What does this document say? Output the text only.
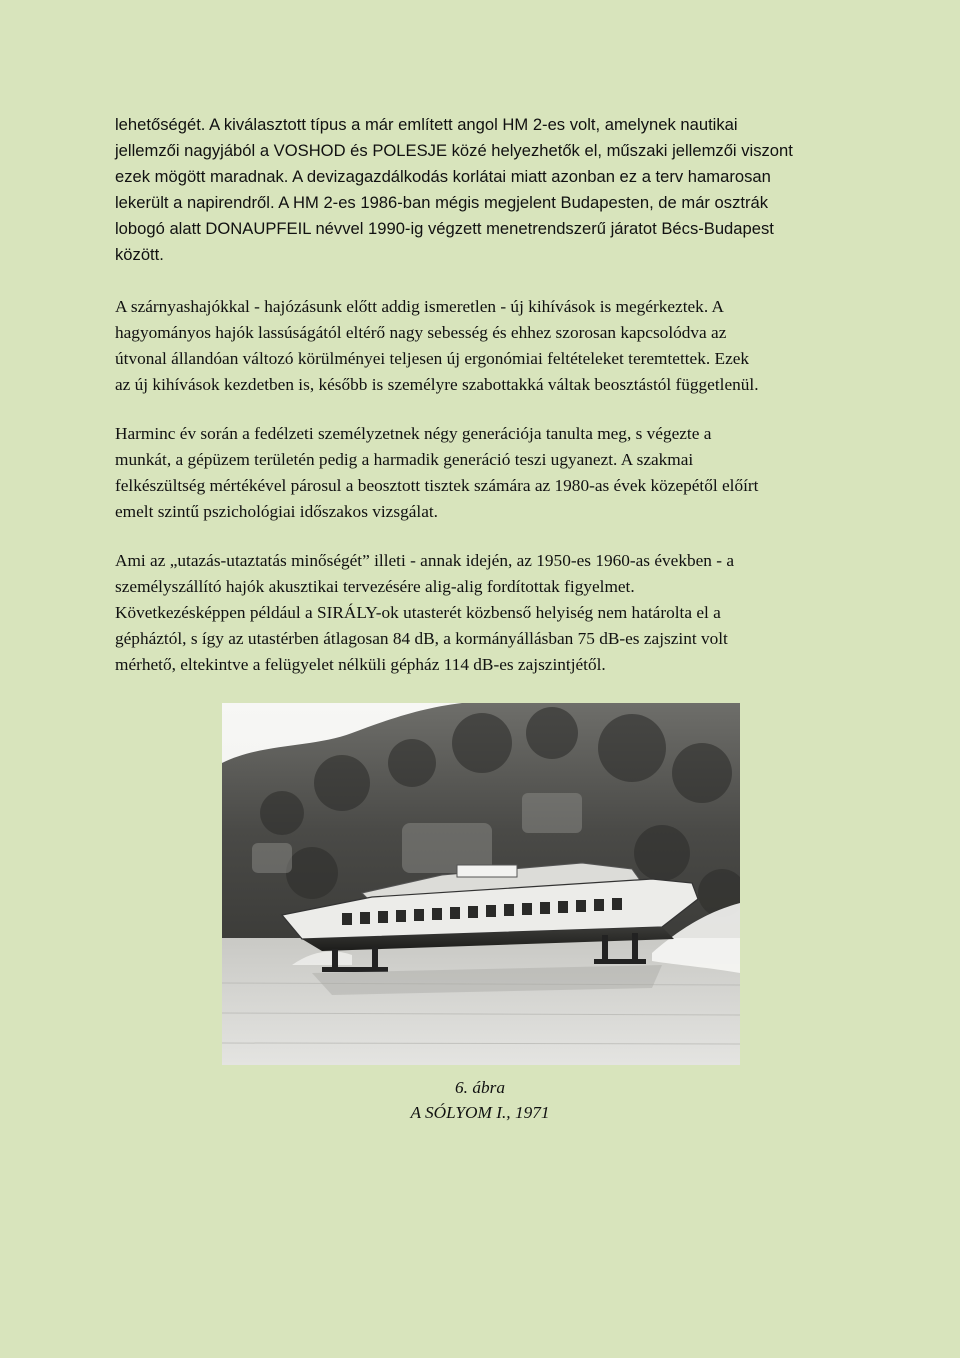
lehetőségét. A kiválasztott típus a már említett angol HM 2-es volt, amelynek nautikai
jellemzői nagyjából a VOSHOD és POLESJE közé helyezhetők el, műszaki jellemzői viszont
ezek mögött maradnak. A devizagazdálkodás korlátai miatt azonban ez a terv hamarosan
lekerült a napirendről. A HM 2-es 1986-ban mégis megjelent Budapesten, de már osztrák
lobogó alatt DONAUPFEIL névvel 1990-ig végzett menetrendszerű járatot Bécs-Budapest
között.

A szárnyashajókkal - hajózásunk előtt addig ismeretlen - új kihívások is megérkeztek. A
hagyományos hajók lassúságától eltérő nagy sebesség és ehhez szorosan kapcsolódva az
útvonal állandóan változó körülményei teljesen új ergonómiai feltételeket teremtettek. Ezek
az új kihívások kezdetben is, később is személyre szabottakká váltak beosztástól függetlenül.

Harminc év során a fedélzeti személyzetnek négy generációja tanulta meg, s végezte a
munkát, a gépüzem területén pedig a harmadik generáció teszi ugyanezt. A szakmai
felkészültség mértékével párosul a beosztott tisztek számára az 1980-as évek közepétől előírt
emelt szintű pszichológiai időszakos vizsgálat.

Ami az „utazás-utaztatás minőségét” illeti - annak idején, az 1950-es 1960-as években - a
személyszállító hajók akusztikai tervezésére alig-alig fordítottak figyelmet.
Következésképpen például a SIRÁLY-ok utasterét közbenső helyiség nem határolta el a
gépháztól, s így az utastérben átlagosan 84 dB, a kormányállásban 75 dB-es zajszint volt
mérhető, eltekintve a felügyelet nélküli gépház 114 dB-es zajszintjétől.

6. ábra
A SÓLYOM I., 1971
